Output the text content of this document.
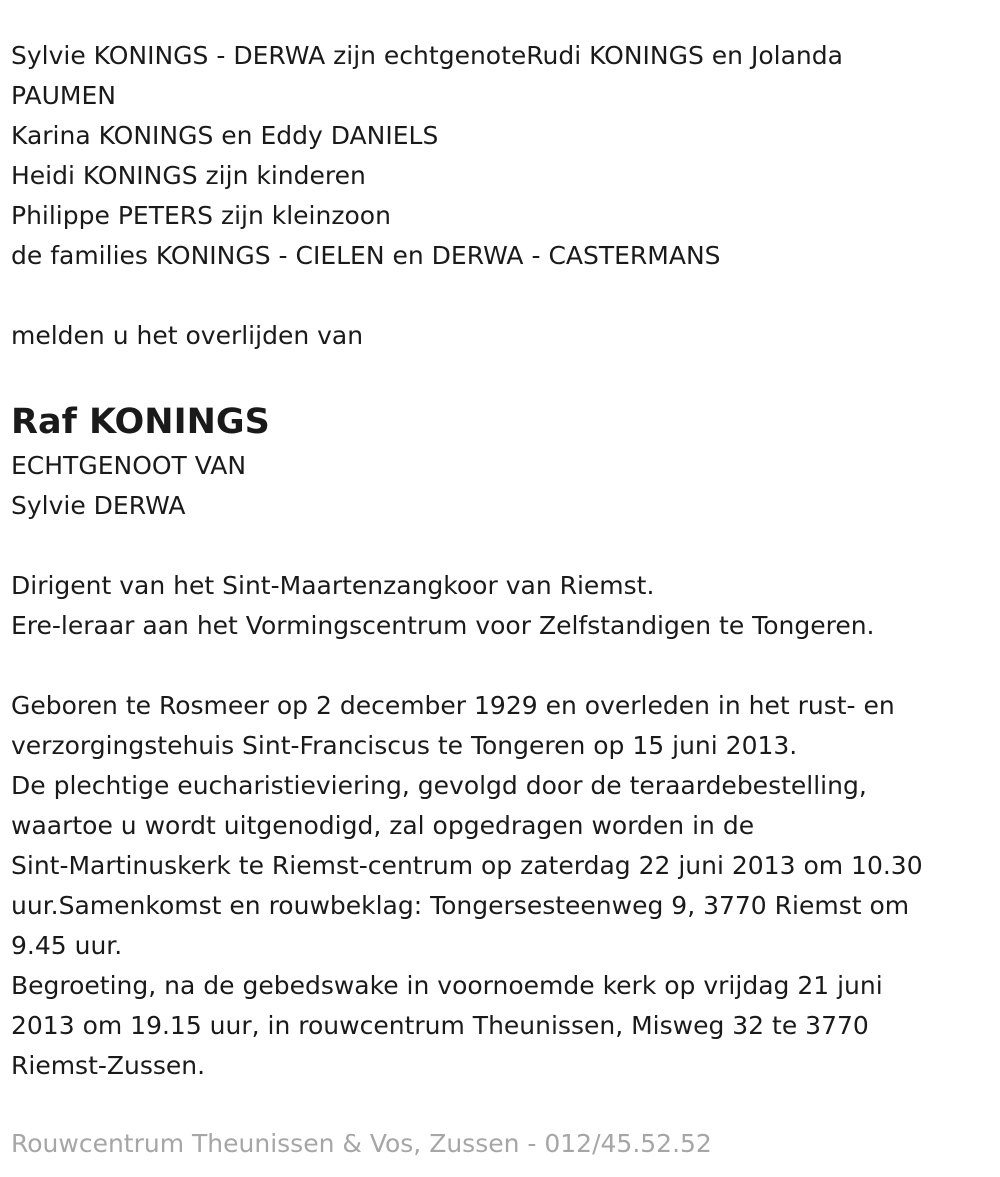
Sylvie KONINGS - DERWA zijn echtgenoteRudi KONINGS en Jolanda
PAUMEN
Karina KONINGS en Eddy DANIELS
Heidi KONINGS zijn kinderen
Philippe PETERS zijn kleinzoon
de families KONINGS - CIELEN en DERWA - CASTERMANS
melden u het overlijden van
Raf KONINGS
ECHTGENOOT VAN
Sylvie DERWA
Dirigent van het Sint-Maartenzangkoor van Riemst.
Ere-leraar aan het Vormingscentrum voor Zelfstandigen te Tongeren.
Geboren te Rosmeer op 2 december 1929 en overleden in het rust- en
verzorgingstehuis Sint-Franciscus te Tongeren op 15 juni 2013.
De plechtige eucharistieviering, gevolgd door de teraardebestelling,
waartoe u wordt uitgenodigd, zal opgedragen worden in de
Sint-Martinuskerk te Riemst-centrum op zaterdag 22 juni 2013 om 10.30
uur.Samenkomst en rouwbeklag: Tongersesteenweg 9, 3770 Riemst om
9.45 uur.
Begroeting, na de gebedswake in voornoemde kerk op vrijdag 21 juni
2013 om 19.15 uur, in rouwcentrum Theunissen, Misweg 32 te 3770
Riemst-Zussen.
Rouwcentrum Theunissen & Vos, Zussen - 012/45.52.52
